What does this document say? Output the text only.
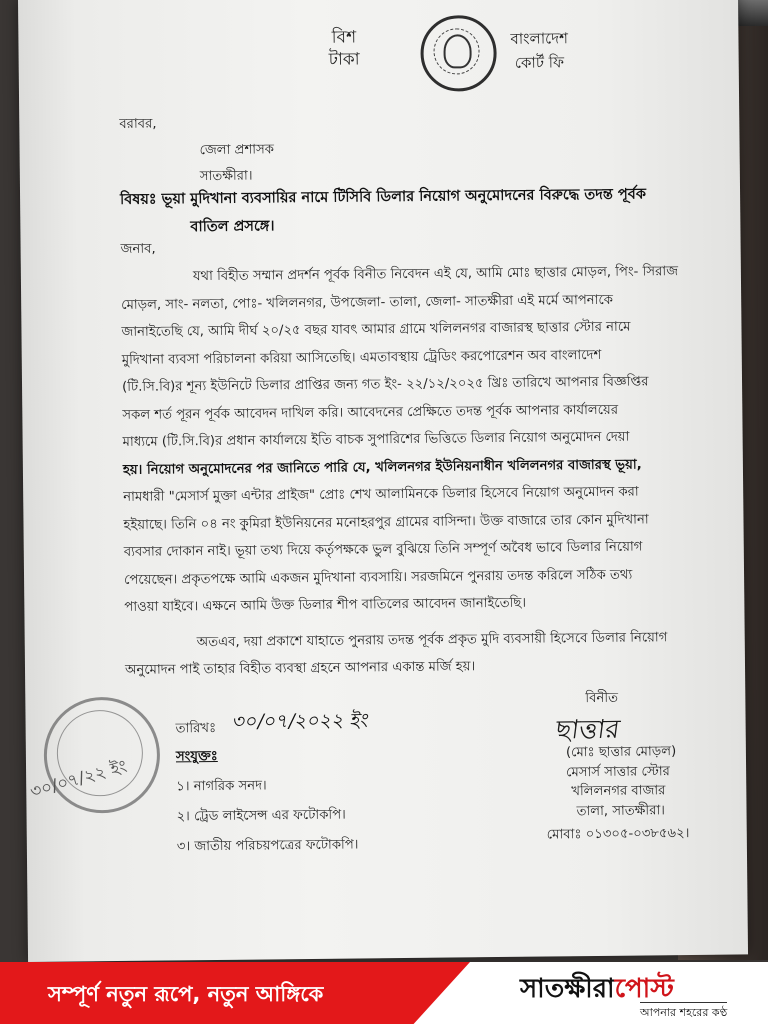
বিশ
টাকা
বাংলাদেশ
কোর্ট ফি
বরাবর,
জেলা প্রশাসক
সাতক্ষীরা।
বিষয়ঃ ভূয়া মুদিখানা ব্যবসায়ির নামে টিসিবি ডিলার নিয়োগ অনুমোদনের বিরুদ্ধে তদন্ত পূর্বক
বাতিল প্রসঙ্গে।
জনাব,
যথা বিহীত সম্মান প্রদর্শন পূর্বক বিনীত নিবেদন এই যে, আমি মোঃ ছাত্তার মোড়ল, পিং- সিরাজ
মোড়ল, সাং- নলতা, পোঃ- খলিলনগর, উপজেলা- তালা, জেলা- সাতক্ষীরা এই মর্মে আপনাকে
জানাইতেছি যে, আমি দীর্ঘ ২০/২৫ বছর যাবৎ আমার গ্রামে খলিলনগর বাজারস্থ ছাত্তার স্টোর নামে
মুদিখানা ব্যবসা পরিচালনা করিয়া আসিতেছি। এমতাবস্থায় ট্রেডিং করপোরেশন অব বাংলাদেশ
(টি.সি.বি)র শূন্য ইউনিটে ডিলার প্রাপ্তির জন্য গত ইং- ২২/১২/২০২৫ খ্রিঃ তারিখে আপনার বিজ্ঞপ্তির
সকল শর্ত পূরন পূর্বক আবেদন দাখিল করি। আবেদনের প্রেক্ষিতে তদন্ত পূর্বক আপনার কার্যালয়ের
মাধ্যমে (টি.সি.বি)র প্রধান কার্যালয়ে ইতি বাচক সুপারিশের ভিত্তিতে ডিলার নিয়োগ অনুমোদন দেয়া
হয়। নিয়োগ অনুমোদনের পর জানিতে পারি যে, খলিলনগর ইউনিয়নাধীন খলিলনগর বাজারস্থ ভূয়া,
নামধারী "মেসার্স মুক্তা এন্টার প্রাইজ" প্রোঃ শেখ আলামিনকে ডিলার হিসেবে নিয়োগ অনুমোদন করা
হইয়াছে। তিনি ০৪ নং কুমিরা ইউনিয়নের মনোহরপুর গ্রামের বাসিন্দা। উক্ত বাজারে তার কোন মুদিখানা
ব্যবসার দোকান নাই। ভূয়া তথ্য দিয়ে কর্তৃপক্ষকে ভুল বুঝিয়ে তিনি সম্পূর্ণ অবৈধ ভাবে ডিলার নিয়োগ
পেয়েছেন। প্রকৃতপক্ষে আমি একজন মুদিখানা ব্যবসায়ি। সরজমিনে পুনরায় তদন্ত করিলে সঠিক তথ্য
পাওয়া যাইবে। এক্ষনে আমি উক্ত ডিলার শীপ বাতিলের আবেদন জানাইতেছি।
অতএব, দয়া প্রকাশে যাহাতে পুনরায় তদন্ত পূর্বক প্রকৃত মুদি ব্যবসায়ী হিসেবে ডিলার নিয়োগ
অনুমোদন পাই তাহার বিহীত ব্যবস্থা গ্রহনে আপনার একান্ত মর্জি হয়।
বিনীত
তারিখঃ ৩০/০৭/২০২২ ইং	ছাত্তার
(মোঃ ছাত্তার মোড়ল)
মেসার্স সাত্তার স্টোর
খলিলনগর বাজার
তালা, সাতক্ষীরা।
মোবাঃ ০১৩০৫-০৩৮৫৬২।
সংযুক্তঃ
১। নাগরিক সনদ।
২। ট্রেড লাইসেন্স এর ফটোকপি।
৩। জাতীয় পরিচয়পত্রের ফটোকপি।
৩০/০৭/২২ ইং
সম্পূর্ণ নতুন রূপে, নতুন আঙ্গিকে	সাতক্ষীরাপোস্ট
আপনার শহরের কণ্ঠ
